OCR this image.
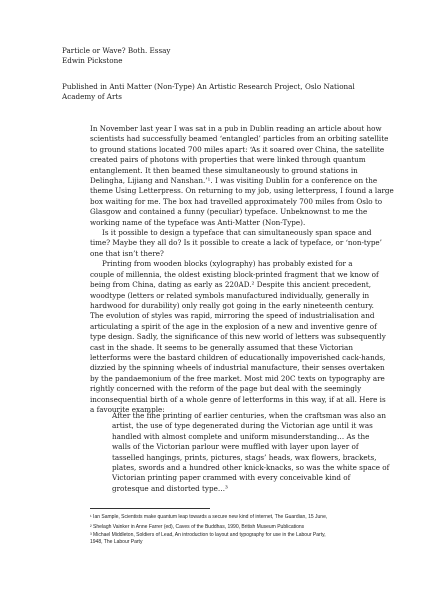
Particle or Wave? Both. Essay
Edwin Pickstone
Published in Anti Matter (Non-Type) An Artistic Research Project, Oslo National
Academy of Arts
In November last year I was sat in a pub in Dublin reading an article about how
scientists had successfully beamed ‘entangled’ particles from an orbiting satellite
to ground stations located 700 miles apart: ‘As it soared over China, the satellite
created pairs of photons with properties that were linked through quantum
entanglement. It then beamed these simultaneously to ground stations in
Delingha, Lijiang and Nanshan.’¹. I was visiting Dublin for a conference on the
theme Using Letterpress. On returning to my job, using letterpress, I found a large
box waiting for me. The box had travelled approximately 700 miles from Oslo to
Glasgow and contained a funny (peculiar) typeface. Unbeknownst to me the
working name of the typeface was Anti-Matter (Non-Type).
Is it possible to design a typeface that can simultaneously span space and
time? Maybe they all do? Is it possible to create a lack of typeface, or ‘non-type’
one that isn’t there?
Printing from wooden blocks (xylography) has probably existed for a
couple of millennia, the oldest existing block-printed fragment that we know of
being from China, dating as early as 220AD.² Despite this ancient precedent,
woodtype (letters or related symbols manufactured individually, generally in
hardwood for durability) only really got going in the early nineteenth century.
The evolution of styles was rapid, mirroring the speed of industrialisation and
articulating a spirit of the age in the explosion of a new and inventive genre of
type design. Sadly, the significance of this new world of letters was subsequently
cast in the shade. It seems to be generally assumed that these Victorian
letterforms were the bastard children of educationally impoverished cack-hands,
dizzied by the spinning wheels of industrial manufacture, their senses overtaken
by the pandaemonium of the free market. Most mid 20C texts on typography are
rightly concerned with the reform of the page but deal with the seemingly
inconsequential birth of a whole genre of letterforms in this way, if at all. Here is
a favourite example:
After the fine printing of earlier centuries, when the craftsman was also an
artist, the use of type degenerated during the Victorian age until it was
handled with almost complete and uniform misunderstanding… As the
walls of the Victorian parlour were muffled with layer upon layer of
tasselled hangings, prints, pictures, stags’ heads, wax flowers, brackets,
plates, swords and a hundred other knick-knacks, so was the white space of
Victorian printing paper crammed with every conceivable kind of
grotesque and distorted type…³
¹ Ian Sample, Scientists make quantum leap towards a secure new kind of internet, The Guardian, 15 June,
² Shelagh Vainker in Anne Farrer (ed), Caves of the Buddhas, 1990, British Museum Publications
³ Michael Middleton, Soldiers of Lead, An introduction to layout and typography for use in the Labour Party,
1948, The Labour Party
